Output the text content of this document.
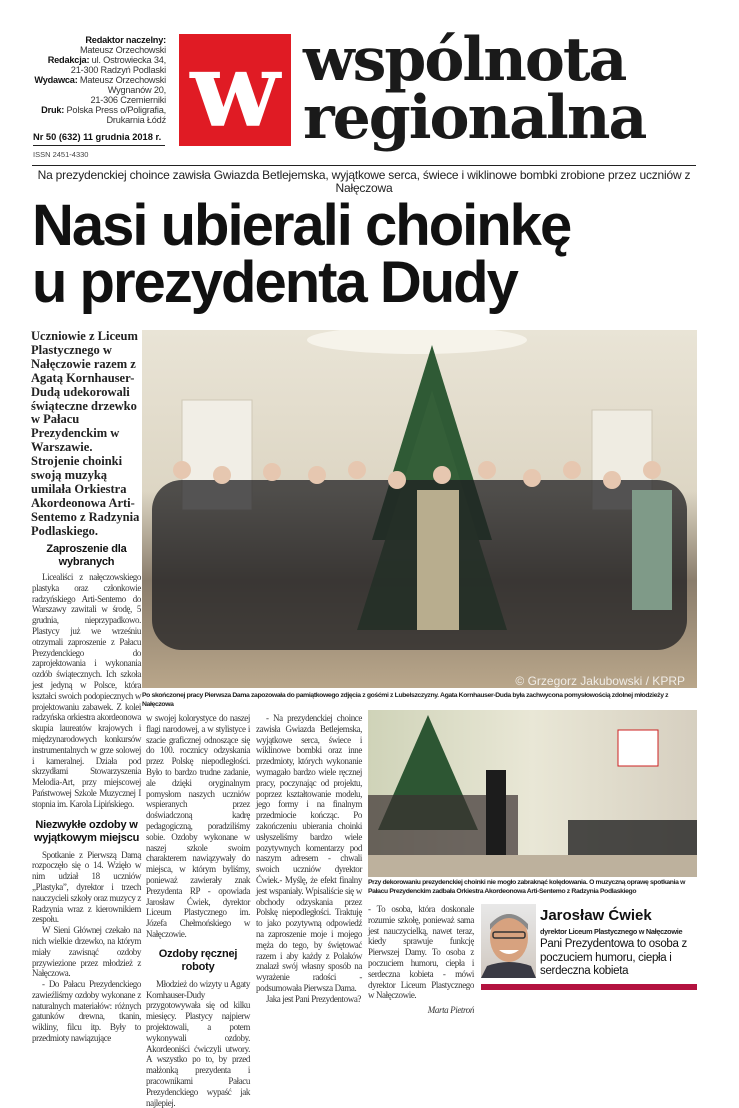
Redaktor naczelny:
Mateusz Orzechowski
Redakcja: ul. Ostrowiecka 34,
21-300 Radzyń Podlaski
Wydawca: Mateusz Orzechowski
Wygnanów 20,
21-306 Czemierniki
Druk: Polska Press o/Poligrafia,
Drukarnia Łódź
Nr 50 (632) 11 grudnia 2018 r.
ISSN 2451-4330
w wspólnota
regionalna
Na prezydenckiej choince zawisła Gwiazda Betlejemska, wyjątkowe serca, świece i wiklinowe bombki zrobione przez uczniów z Nałęczowa
Nasi ubierali choinkę
u prezydenta Dudy
Uczniowie z Liceum Plastycznego w Nałęczowie razem z Agatą Kornhauser-Dudą udekorowali świąteczne drzewko w Pałacu Prezydenckim w Warszawie. Strojenie choinki swoją muzyką umilała Orkiestra Akordeonowa Arti-Sentemo z Radzynia Podlaskiego.
© Grzegorz Jakubowski / KPRP
Po skończonej pracy Pierwsza Dama zapozowała do pamiątkowego zdjęcia z gośćmi z Lubelszczyzny. Agata Kornhauser-Duda była zachwycona pomysłowością zdolnej młodzieży z Nałęczowa
Zaproszenie dla wybranych

Licealiści z nałęczowskiego plastyka oraz członkowie radzyńskiego Arti-Sentemo do Warszawy zawitali w środę, 5 grudnia, nieprzypadkowo. Plastycy już we wrześniu otrzymali zaproszenie z Pałacu Prezydenckiego do zaprojektowania i wykonania ozdób świątecznych. Ich szkoła jest jedyną w Polsce, która kształci swoich podopiecznych w projektowaniu zabawek. Z kolei radzyńska orkiestra akordeonowa skupia laureatów krajowych i międzynarodowych konkursów instrumentalnych w grze solowej i kameralnej. Działa pod skrzydłami Stowarzyszenia Melodia-Art, przy miejscowej Państwowej Szkole Muzycznej I stopnia im. Karola Lipińskiego.

Niezwykłe ozdoby w wyjątkowym miejscu

Spotkanie z Pierwszą Damą rozpoczęło się o 14. Wzięło w nim udział 18 uczniów „Plastyka”, dyrektor i trzech nauczycieli szkoły oraz muzycy z Radzynia wraz z kierownikiem zespołu.

W Sieni Głównej czekało na nich wielkie drzewko, na którym miały zawisnąć ozdoby przywiezione przez młodzież z Nałęczowa.

- Do Pałacu Prezydenckiego zawieźliśmy ozdoby wykonane z naturalnych materiałów: różnych gatunków drewna, tkanin, wikliny, filcu itp. Były to przedmioty nawiązujące

w swojej kolorystyce do naszej flagi narodowej, a w stylistyce i szacie graficznej odnoszące się do 100. rocznicy odzyskania przez Polskę niepodległości. Było to bardzo trudne zadanie, ale dzięki oryginalnym pomysłom naszych uczniów wspieranych przez doświadczoną kadrę pedagogiczną, poradziliśmy sobie. Ozdoby wykonane w naszej szkole swoim charakterem nawiązywały do miejsca, w którym byliśmy, ponieważ zawierały znak Prezydenta RP - opowiada Jarosław Ćwiek, dyrektor Liceum Plastycznego im. Józefa Chełmońskiego w Nałęczowie.

Ozdoby ręcznej roboty

Młodzież do wizyty u Agaty Kornhauser-Dudy przygotowywała się od kilku miesięcy. Plastycy najpierw projektowali, a potem wykonywali ozdoby. Akordeoniści ćwiczyli utwory. A wszystko po to, by przed małżonką prezydenta i pracownikami Pałacu Prezydenckiego wypaść jak najlepiej.

- Na prezydenckiej choince zawisła Gwiazda Betlejemska, wyjątkowe serca, świece i wiklinowe bombki oraz inne przedmioty, których wykonanie wymagało bardzo wiele ręcznej pracy, poczynając od projektu, poprzez kształtowanie modelu, jego formy i na finalnym przedmiocie kończąc. Po zakończeniu ubierania choinki usłyszeliśmy bardzo wiele pozytywnych komentarzy pod naszym adresem - chwali swoich uczniów dyrektor Ćwiek.- Myślę, że efekt finalny jest wspaniały. Wpisaliście się w obchody odzyskania przez Polskę niepodległości. Traktuję to jako pozytywną odpowiedź na zaproszenie moje i mojego męża do tego, by świętować razem i aby każdy z Polaków znalazł swój własny sposób na wyrażenie radości - podsumowała Pierwsza Dama.

Jaka jest Pani Prezydentowa?

Przy dekorowaniu prezydenckiej choinki nie mogło zabraknąć kolędowania. O muzyczną oprawę spotkania w Pałacu Prezydenckim zadbała Orkiestra Akordeonowa Arti-Sentemo z Radzynia Podlaskiego

- To osoba, która doskonale rozumie szkołę, ponieważ sama jest nauczycielką, nawet teraz, kiedy sprawuje funkcję Pierwszej Damy. To osoba z poczuciem humoru, ciepła i serdeczna kobieta - mówi dyrektor Liceum Plastycznego w Nałęczowie.

Marta Pietroń
Jarosław Ćwiek
dyrektor Liceum Plastycznego w Nałęczowie
Pani Prezydentowa to osoba z poczuciem humoru, ciepła i serdeczna kobieta
